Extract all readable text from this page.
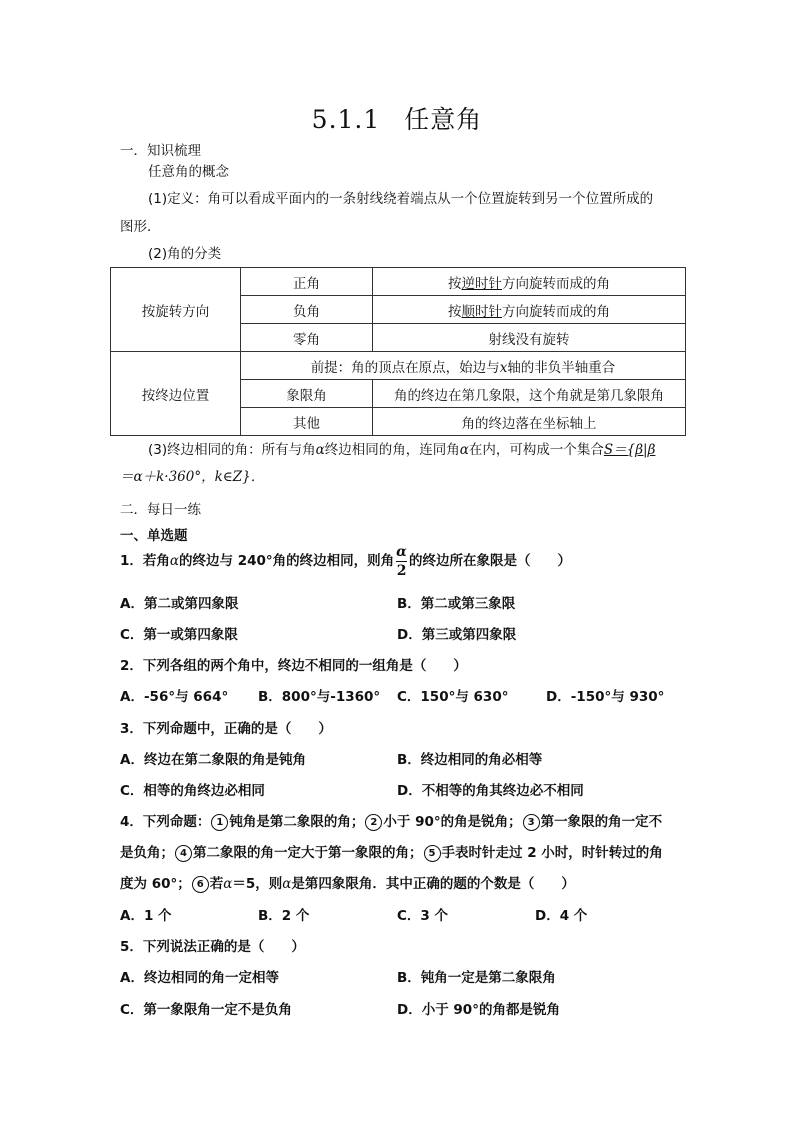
5.1.1 任意角
一．知识梳理
任意角的概念
(1)定义：角可以看成平面内的一条射线绕着端点从一个位置旋转到另一个位置所成的
图形．
(2)角的分类
按旋转方向	正角	按逆时针方向旋转而成的角
	负角	按顺时针方向旋转而成的角
	零角	射线没有旋转
按终边位置	前提：角的顶点在原点，始边与x轴的非负半轴重合	
	象限角	角的终边在第几象限，这个角就是第几象限角
	其他	角的终边落在坐标轴上
(3)终边相同的角：所有与角α终边相同的角，连同角α在内，可构成一个集合S＝{β|β
＝α＋k·360°，k∈Z}．
二．每日一练
一、单选题
1．若角α的终边与 240°角的终边相同，则角 $\frac{\alpha}{2}$ 的终边所在象限是（　　）
A．第二或第四象限	B．第二或第三象限
C．第一或第四象限	D．第三或第四象限
2．下列各组的两个角中，终边不相同的一组角是（　　）
A．-56°与 664° B．800°与-1360° C．150°与 630°	D．-150°与 930°
3．下列命题中，正确的是（　　）
A．终边在第二象限的角是钝角	B．终边相同的角必相等
C．相等的角终边必相同	D．不相等的角其终边必不相同
4．下列命题： 1 钝角是第二象限的角； 2 小于 90°的角是锐角； 3 第一象限的角一定不
是负角； 4 第二象限的角一定大于第一象限的角； 5 手表时针走过 2 小时，时针转过的角
度为 60°； 6 若α＝5，则α是第四象限角．其中正确的题的个数是（　　）
A．1 个	B．2 个	C．3 个	D．4 个
5．下列说法正确的是（　　）
A．终边相同的角一定相等	B．钝角一定是第二象限角
C．第一象限角一定不是负角	D．小于 90°的角都是锐角
